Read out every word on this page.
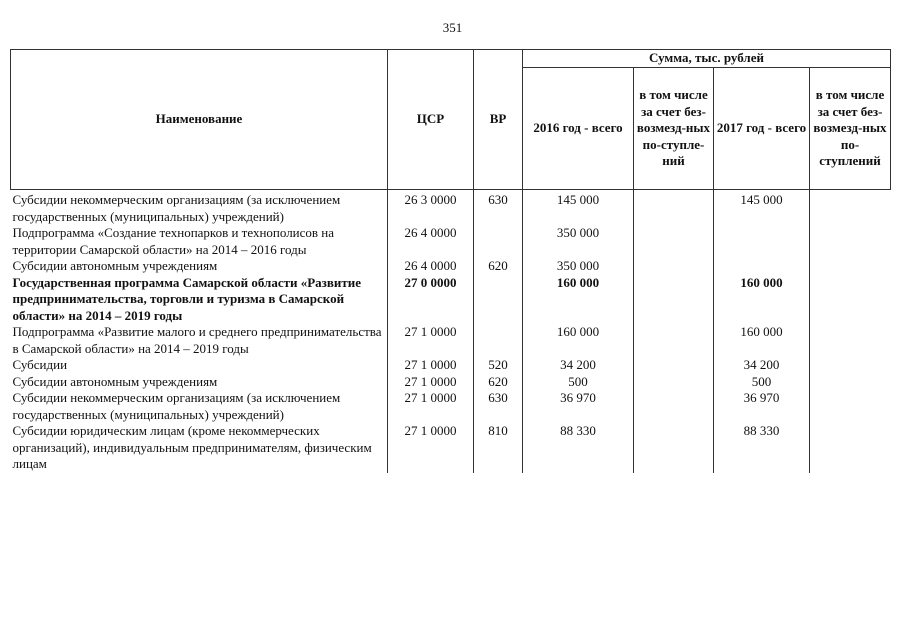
351
Наименование	ЦСР	ВР	Сумма, тыс. рублей			
			2016 год - всего	в том числе за счет без-возмезд-ных по-ступле-ний	2017 год - всего	в том числе за счет без-возмезд-ных по-ступлений
Субсидии некоммерческим организациям (за исключением государственных (муниципальных) учреждений)	26 3 0000	630	145 000		145 000	
Подпрограмма «Создание технопарков и технополисов на территории Самарской области» на 2014 – 2016 годы	26 4 0000		350 000			
Субсидии автономным учреждениям	26 4 0000	620	350 000			
Государственная программа Самарской области «Развитие предпринимательства, торговли и туризма в Самарской области» на 2014 – 2019 годы	27 0 0000		160 000		160 000	
Подпрограмма «Развитие малого и среднего предпринимательства в Самарской области» на 2014 – 2019 годы	27 1 0000		160 000		160 000	
Субсидии	27 1 0000	520	34 200		34 200	
Субсидии автономным учреждениям	27 1 0000	620	500		500	
Субсидии некоммерческим организациям (за исключением государственных (муниципальных) учреждений)	27 1 0000	630	36 970		36 970	
Субсидии юридическим лицам (кроме некоммерческих организаций), индивидуальным предпринимателям, физическим лицам	27 1 0000	810	88 330		88 330	
